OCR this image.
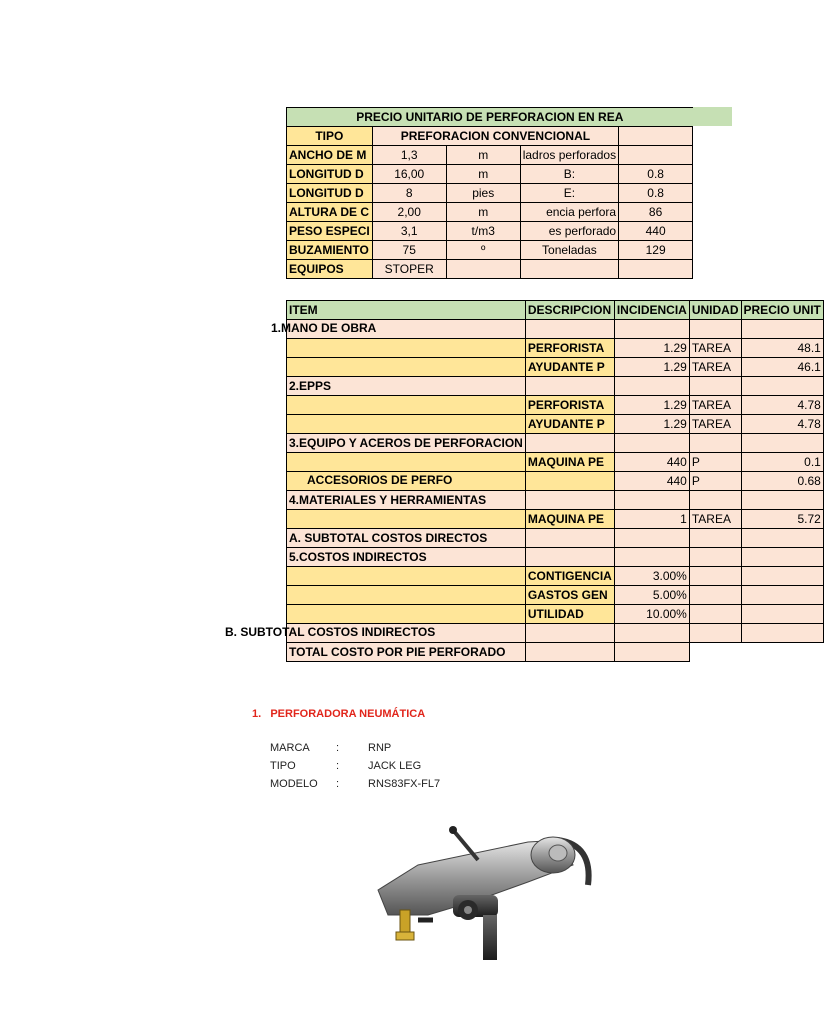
PRECIO UNITARIO DE PERFORACION EN REA				
TIPO	PREFORACION CONVENCIONAL			
ANCHO DE M	1,3	m	ladros perforados	
LONGITUD D	16,00	m	B:	0.8
LONGITUD D	8	pies	E:	0.8
ALTURA DE C	2,00	m	encia perfora	86
PESO ESPECI	3,1	t/m3	es perforado	440
BUZAMIENTO	75	º	Toneladas	129
EQUIPOS	STOPER			
ITEM	DESCRIPCION	INCIDENCIA	UNIDAD	PRECIO UNIT

1.MANO DE OBRA				

	PERFORISTA	1.29	TAREA	48.1
	AYUDANTE P	1.29	TAREA	46.1
2.EPPS				
	PERFORISTA	1.29	TAREA	4.78
	AYUDANTE P	1.29	TAREA	4.78
3.EQUIPO Y ACEROS DE PERFORACION				
	MAQUINA PE	440	P	0.1

ACCESORIOS DE PERFO		440	P	0.68
4.MATERIALES Y HERRAMIENTAS				
	MAQUINA PE	1	TAREA	5.72
A. SUBTOTAL COSTOS DIRECTOS				
5.COSTOS INDIRECTOS				
	CONTIGENCIA	3.00%		
	GASTOS GEN	5.00%		
	UTILIDAD	10.00%		

B. SUBTOTAL COSTOS INDIRECTOS				

TOTAL COSTO POR PIE PERFORADO				
1.   PERFORADORA NEUMÁTICA
MARCA :	RNP
TIPO	:	JACK LEG
MODELO :	RNS83FX-FL7
